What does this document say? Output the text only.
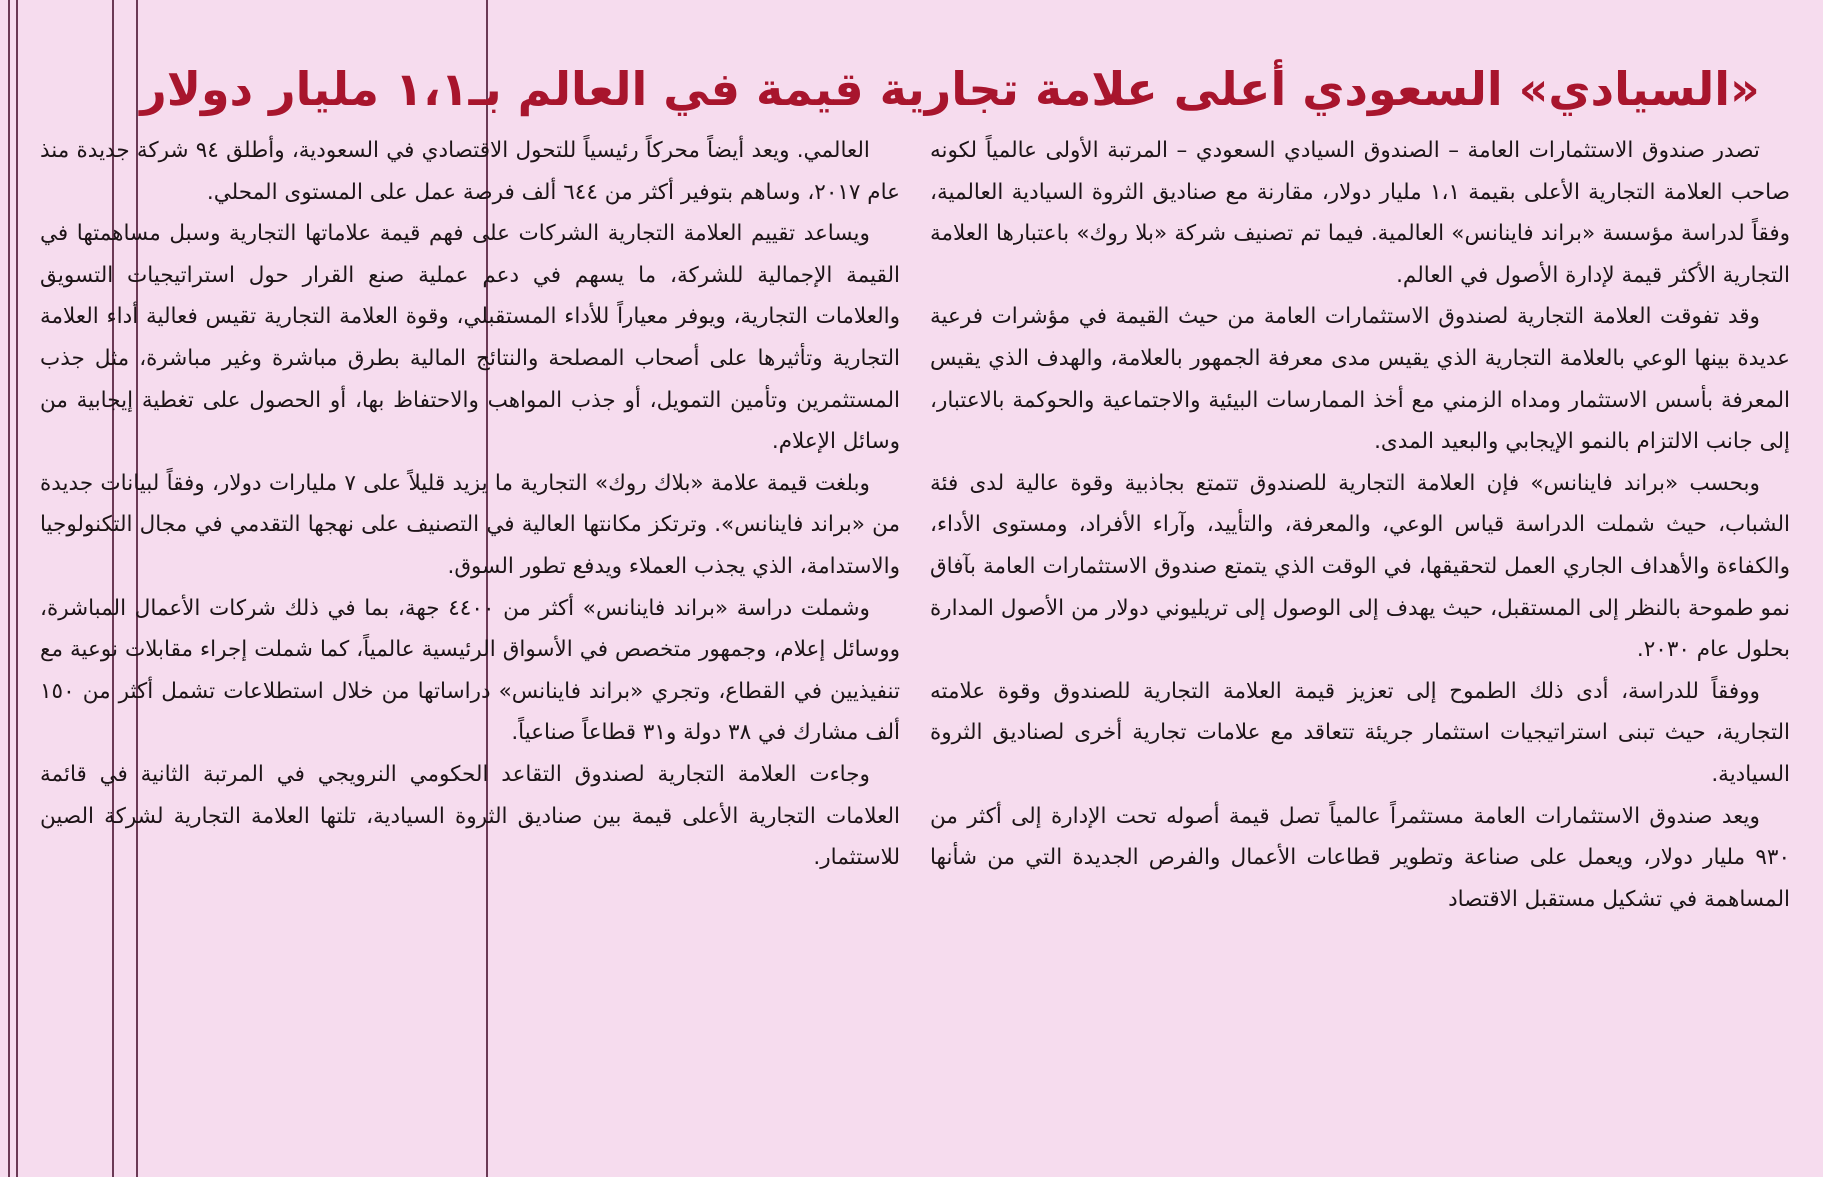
«السيادي» السعودي أعلى علامة تجارية قيمة في العالم بـ١،١ مليار دولار

تصدر صندوق الاستثمارات العامة – الصندوق السيادي السعودي – المرتبة الأولى عالمياً لكونه صاحب العلامة التجارية الأعلى بقيمة ١،١ مليار دولار، مقارنة مع صناديق الثروة السيادية العالمية، وفقاً لدراسة مؤسسة «براند فاينانس» العالمية. فيما تم تصنيف شركة «بلا روك» باعتبارها العلامة التجارية الأكثر قيمة لإدارة الأصول في العالم.

وقد تفوقت العلامة التجارية لصندوق الاستثمارات العامة من حيث القيمة في مؤشرات فرعية عديدة بينها الوعي بالعلامة التجارية الذي يقيس مدى معرفة الجمهور بالعلامة، والهدف الذي يقيس المعرفة بأسس الاستثمار ومداه الزمني مع أخذ الممارسات البيئية والاجتماعية والحوكمة بالاعتبار، إلى جانب الالتزام بالنمو الإيجابي والبعيد المدى.

وبحسب «براند فاينانس» فإن العلامة التجارية للصندوق تتمتع بجاذبية وقوة عالية لدى فئة الشباب، حيث شملت الدراسة قياس الوعي، والمعرفة، والتأييد، وآراء الأفراد، ومستوى الأداء، والكفاءة والأهداف الجاري العمل لتحقيقها، في الوقت الذي يتمتع صندوق الاستثمارات العامة بآفاق نمو طموحة بالنظر إلى المستقبل، حيث يهدف إلى الوصول إلى تريليوني دولار من الأصول المدارة بحلول عام ٢٠٣٠.

ووفقاً للدراسة، أدى ذلك الطموح إلى تعزيز قيمة العلامة التجارية للصندوق وقوة علامته التجارية، حيث تبنى استراتيجيات استثمار جريئة تتعاقد مع علامات تجارية أخرى لصناديق الثروة السيادية.

ويعد صندوق الاستثمارات العامة مستثمراً عالمياً تصل قيمة أصوله تحت الإدارة إلى أكثر من ٩٣٠ مليار دولار، ويعمل على صناعة وتطوير قطاعات الأعمال والفرص الجديدة التي من شأنها المساهمة في تشكيل مستقبل الاقتصاد

العالمي. ويعد أيضاً محركاً رئيسياً للتحول الاقتصادي في السعودية، وأطلق ٩٤ شركة جديدة منذ عام ٢٠١٧، وساهم بتوفير أكثر من ٦٤٤ ألف فرصة عمل على المستوى المحلي.

ويساعد تقييم العلامة التجارية الشركات على فهم قيمة علاماتها التجارية وسبل مساهمتها في القيمة الإجمالية للشركة، ما يسهم في دعم عملية صنع القرار حول استراتيجيات التسويق والعلامات التجارية، ويوفر معياراً للأداء المستقبلي، وقوة العلامة التجارية تقيس فعالية أداء العلامة التجارية وتأثيرها على أصحاب المصلحة والنتائج المالية بطرق مباشرة وغير مباشرة، مثل جذب المستثمرين وتأمين التمويل، أو جذب المواهب والاحتفاظ بها، أو الحصول على تغطية إيجابية من وسائل الإعلام.

وبلغت قيمة علامة «بلاك روك» التجارية ما يزيد قليلاً على ٧ مليارات دولار، وفقاً لبيانات جديدة من «براند فاينانس». وترتكز مكانتها العالية في التصنيف على نهجها التقدمي في مجال التكنولوجيا والاستدامة، الذي يجذب العملاء ويدفع تطور السوق.

وشملت دراسة «براند فاينانس» أكثر من ٤٤٠٠ جهة، بما في ذلك شركات الأعمال المباشرة، ووسائل إعلام، وجمهور متخصص في الأسواق الرئيسية عالمياً، كما شملت إجراء مقابلات نوعية مع تنفيذيين في القطاع، وتجري «براند فاينانس» دراساتها من خلال استطلاعات تشمل أكثر من ١٥٠ ألف مشارك في ٣٨ دولة و٣١ قطاعاً صناعياً.

وجاءت العلامة التجارية لصندوق التقاعد الحكومي النرويجي في المرتبة الثانية في قائمة العلامات التجارية الأعلى قيمة بين صناديق الثروة السيادية، تلتها العلامة التجارية لشركة الصين للاستثمار.
